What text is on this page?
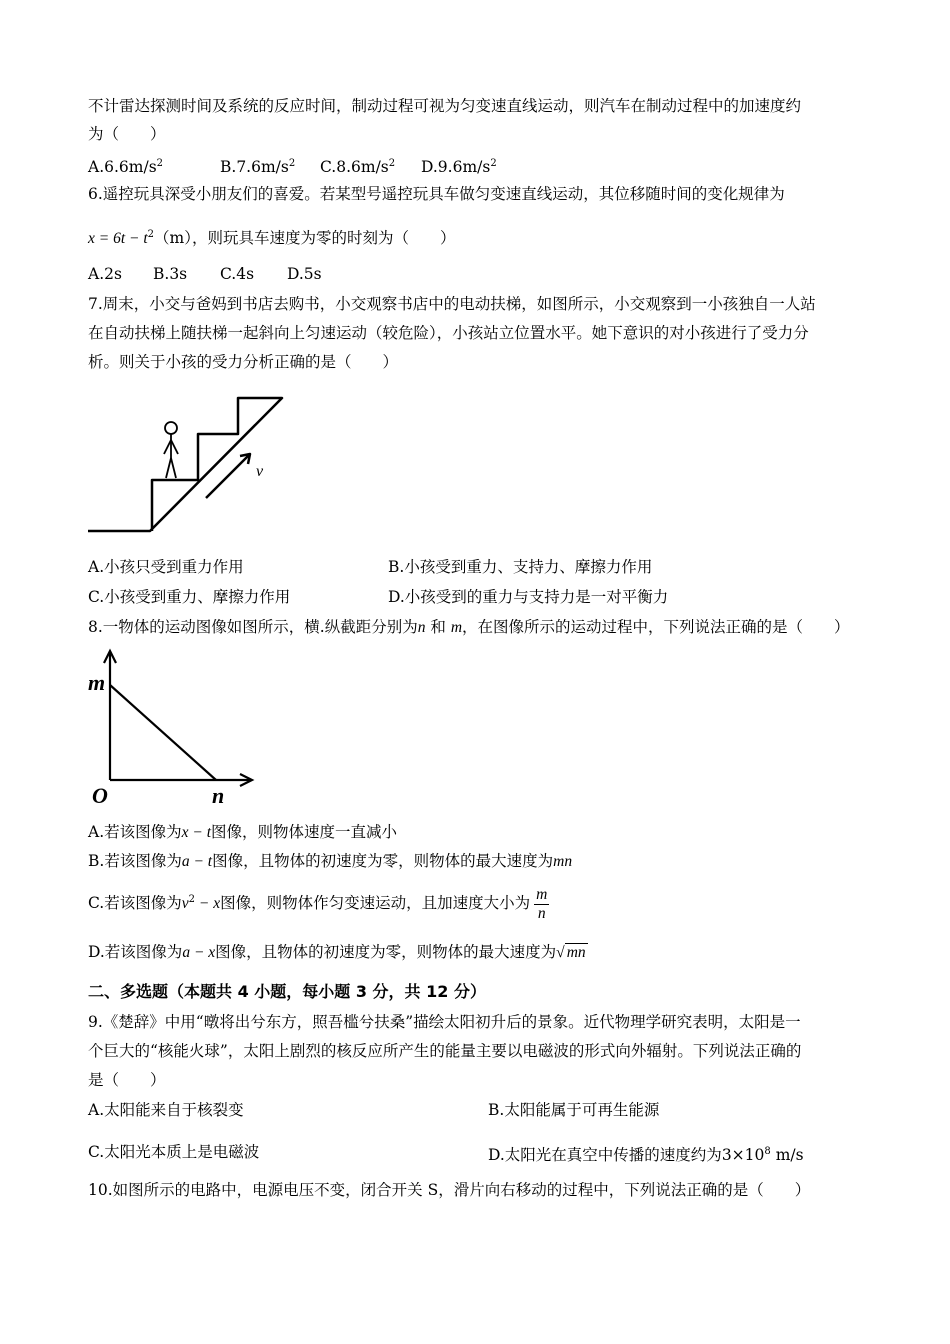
不计雷达探测时间及系统的反应时间，制动过程可视为匀变速直线运动，则汽车在制动过程中的加速度约
为（　　）
$A.6.6m/s^2$	$B.7.6m/s^2$ $C.8.6m/s^2$ $D.9.6m/s^2$
6.遥控玩具深受小朋友们的喜爱。若某型号遥控玩具车做匀变速直线运动，其位移随时间的变化规律为
$x = 6t - t^2(m)$，则玩具车速度为零的时刻为（　　）
A.2s B.3s C.4s D.5s
7.周末，小交与爸妈到书店去购书，小交观察书店中的电动扶梯，如图所示，小交观察到一小孩独自一人站
在自动扶梯上随扶梯一起斜向上匀速运动（较危险），小孩站立位置水平。她下意识的对小孩进行了受力分
析。则关于小孩的受力分析正确的是（　　）
v
A.小孩只受到重力作用	B.小孩受到重力、支持力、摩擦力作用
C.小孩受到重力、摩擦力作用	D.小孩受到的重力与支持力是一对平衡力
8.一物体的运动图像如图所示，横.纵截距分别为n 和 m，在图像所示的运动过程中，下列说法正确的是（　　）
m
O	n
A.若该图像为x − t图像，则物体速度一直减小
B.若该图像为a − t图像，且物体的初速度为零，则物体的最大速度为mn
C.若该图像为$v^2 - x$图像，则物体作匀变速运动，且加速度大小为 $\frac{m}{n}$
D.若该图像为a − x图像，且物体的初速度为零，则物体的最大速度为√ mn
二、多选题（本题共 4 小题，每小题 3 分，共 12 分）
9.《楚辞》中用“暾将出兮东方，照吾槛兮扶桑”描绘太阳初升后的景象。近代物理学研究表明，太阳是一
个巨大的“核能火球”，太阳上剧烈的核反应所产生的能量主要以电磁波的形式向外辐射。下列说法正确的
是（　　）
A.太阳能来自于核裂变	B.太阳能属于可再生能源
C.太阳光本质上是电磁波	D.太阳光在真空中传播的速度约为$3\times 10^8$ m/s
10.如图所示的电路中，电源电压不变，闭合开关 S，滑片向右移动的过程中，下列说法正确的是（　　）
